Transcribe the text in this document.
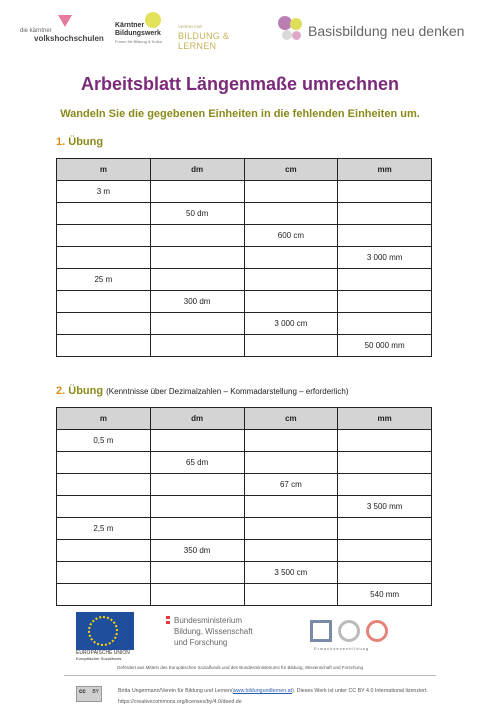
die kärntner
volkshochschulen
Kärntner
Bildungswerk
Forum für Bildung & Kultur
VEREIN FÜR
BILDUNG & LERNEN
Basisbildung neu denken
Arbeitsblatt Längenmaße umrechnen
Wandeln Sie die gegebenen Einheiten in die fehlenden Einheiten um.
1. Übung
m	dm	cm	mm
3 m			
	50 dm		
		600 cm	
			3 000 mm
25 m			
	300 dm		
		3 000 cm	
			50 000 mm
2. Übung (Kenntnisse über Dezimalzahlen – Kommadarstellung – erforderlich)
m	dm	cm	mm
0,5 m			
	65 dm		
		67 cm	
			3 500 mm
2,5 m			
	350 dm		
		3 500 cm	
			540 mm
EUROPÄISCHE UNION
Europäischer Sozialfonds
Bundesministerium
Bildung, Wissenschaft
und Forschung
Erwachsenenbildung
Gefördert aus Mitteln des Europäischen Sozialfonds und des Bundesministeriums für Bildung, Wissenschaft und Forschung
cc BY	Britta Ungermann/Verein für Bildung und Lernen(www.bildungundlernen.at). Dieses Werk ist unter CC BY 4.0 International lizenziert. https://creativecommons.org/licenses/by/4.0/deed.de
